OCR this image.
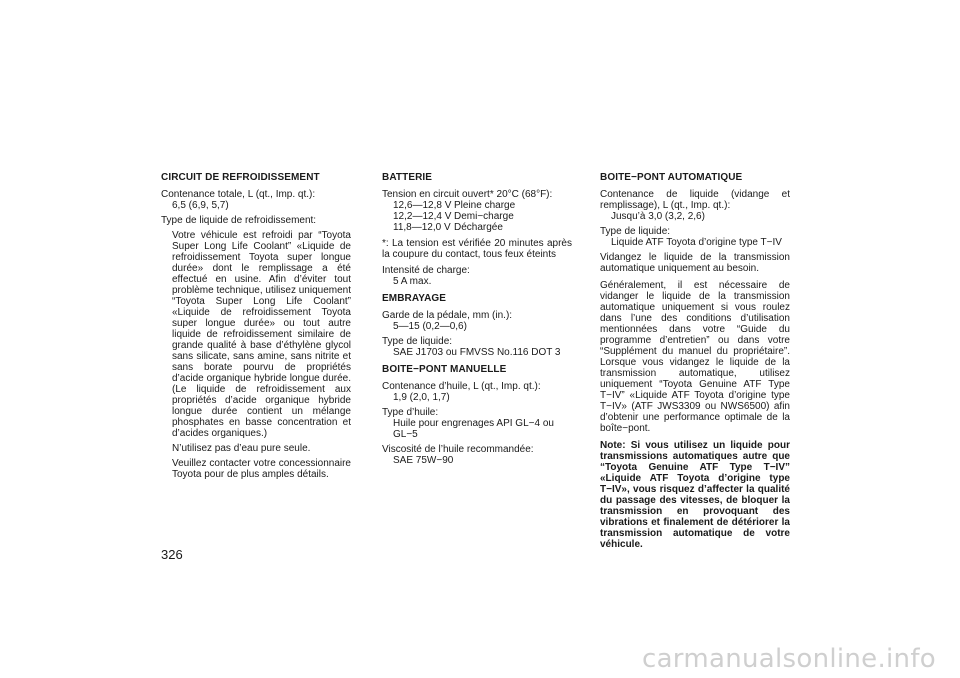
CIRCUIT DE REFROIDISSEMENT
Contenance totale, L (qt., Imp. qt.):
6,5 (6,9, 5,7)
Type de liquide de refroidissement:
Votre véhicule est refroidi par “Toyota Super Long Life Coolant” «Liquide de refroidissement Toyota super longue durée» dont le remplissage a été effectué en usine. Afin d’éviter tout problème technique, utilisez uniquement “Toyota Super Long Life Coolant” «Liquide de refroidissement Toyota super longue durée» ou tout autre liquide de refroidissement similaire de grande qualité à base d’éthylène glycol sans silicate, sans amine, sans nitrite et sans borate pourvu de propriétés d’acide organique hybride longue durée. (Le liquide de refroidissement aux propriétés d’acide organique hybride longue durée contient un mélange phosphates en basse concentration et d’acides organiques.)
N’utilisez pas d’eau pure seule.
Veuillez contacter votre concessionnaire Toyota pour de plus amples détails.
BATTERIE
Tension en circuit ouvert* 20°C (68°F):
12,6—12,8 V Pleine charge
12,2—12,4 V Demi−charge
11,8—12,0 V Déchargée
*: La tension est vérifiée 20 minutes après la coupure du contact, tous feux éteints
Intensité de charge:
5 A max.
EMBRAYAGE
Garde de la pédale, mm (in.):
5—15 (0,2—0,6)
Type de liquide:
SAE J1703 ou FMVSS No.116 DOT 3
BOITE−PONT MANUELLE
Contenance d’huile, L (qt., Imp. qt.):
1,9 (2,0, 1,7)
Type d’huile:
Huile pour engrenages API GL−4 ou GL−5
Viscosité de l’huile recommandée:
SAE 75W−90
BOITE−PONT AUTOMATIQUE
Contenance de liquide (vidange et remplissage), L (qt., Imp. qt.):
Jusqu’à 3,0 (3,2, 2,6)
Type de liquide:
Liquide ATF Toyota d’origine type T−IV
Vidangez le liquide de la transmission automatique uniquement au besoin.
Généralement, il est nécessaire de vidanger le liquide de la transmission automatique uniquement si vous roulez dans l’une des conditions d’utilisation mentionnées dans votre “Guide du programme d’entretien” ou dans votre “Supplément du manuel du propriétaire”. Lorsque vous vidangez le liquide de la transmission automatique, utilisez uniquement “Toyota Genuine ATF Type T−IV” «Liquide ATF Toyota d’origine type T−IV» (ATF JWS3309 ou NWS6500) afin d’obtenir une performance optimale de la boîte−pont.
Note: Si vous utilisez un liquide pour transmissions automatiques autre que “Toyota Genuine ATF Type T−IV” «Liquide ATF Toyota d’origine type T−IV», vous risquez d’affecter la qualité du passage des vitesses, de bloquer la transmission en provoquant des vibrations et finalement de détériorer la transmission automatique de votre véhicule.
326
carmanualsonline.info
